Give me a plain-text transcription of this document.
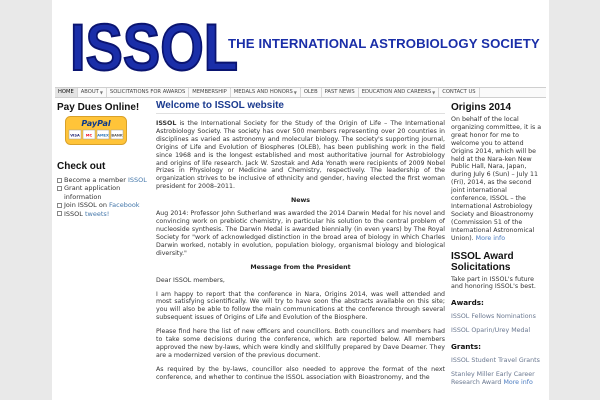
ISSOL
THE INTERNATIONAL ASTROBIOLOGY SOCIETY
HOME ABOUT ▼ SOLICITATIONS FOR AWARDS MEMBERSHIP MEDALS AND HONORS ▼ OLEB PAST NEWS EDUCATION AND CAREERS ▼ CONTACT US
Pay Dues Online!
PayPal
VISA MC AMEX BANK
Check out
Become a member ISSOL
Grant application information
Join ISSOL on Facebook
ISSOL tweets!
Welcome to ISSOL website

ISSOL is the International Society for the Study of the Origin of Life – The International Astrobiology Society. The society has over 500 members representing over 20 countries in disciplines as varied as astronomy and molecular biology. The society's supporting journal, Origins of Life and Evolution of Biospheres (OLEB), has been publishing work in the field since 1968 and is the longest established and most authoritative journal for Astrobiology and origins of life research. Jack W. Szostak and Ada Yonath were recipients of 2009 Nobel Prizes in Physiology or Medicine and Chemistry, respectively. The leadership of the organization strives to be inclusive of ethnicity and gender, having elected the first woman president for 2008–2011.

News

Aug 2014: Professor John Sutherland was awarded the 2014 Darwin Medal for his novel and convincing work on prebiotic chemistry, in particular his solution to the central problem of nucleoside synthesis. The Darwin Medal is awarded biennially (in even years) by The Royal Society for "work of acknowledged distinction in the broad area of biology in which Charles Darwin worked, notably in evolution, population biology, organismal biology and biological diversity."

Message from the President

Dear ISSOL members,

I am happy to report that the conference in Nara, Origins 2014, was well attended and most satisfying scientifically. We will try to have soon the abstracts available on this site; you will also be able to follow the main communications at the conference through several subsequent issues of Origins of Life and Evolution of the Biosphere.

Please find here the list of new officers and councillors. Both councillors and members had to take some decisions during the conference, which are reported below. All members approved the new by-laws, which were kindly and skillfully prepared by Dave Deamer. They are a modernized version of the previous document.

As required by the by-laws, councillor also needed to approve the format of the next conference, and whether to continue the ISSOL association with Bioastronomy, and the

Origins 2014

On behalf of the local organizing committee, it is a great honor for me to welcome you to attend Origins 2014, which will be held at the Nara-ken New Public Hall, Nara, Japan, during July 6 (Sun) – July 11 (Fri), 2014, as the second joint international conference, ISSOL – the International Astrobiology Society and Bioastronomy (Commission 51 of the International Astronomical Union). More info

ISSOL Award Solicitations

Take part in ISSOL's future and honoring ISSOL's best.

Awards:
ISSOL Fellows Nominations
ISSOL Oparin/Urey Medal
Grants:
ISSOL Student Travel Grants
Stanley Miller Early Career Research Award More info
